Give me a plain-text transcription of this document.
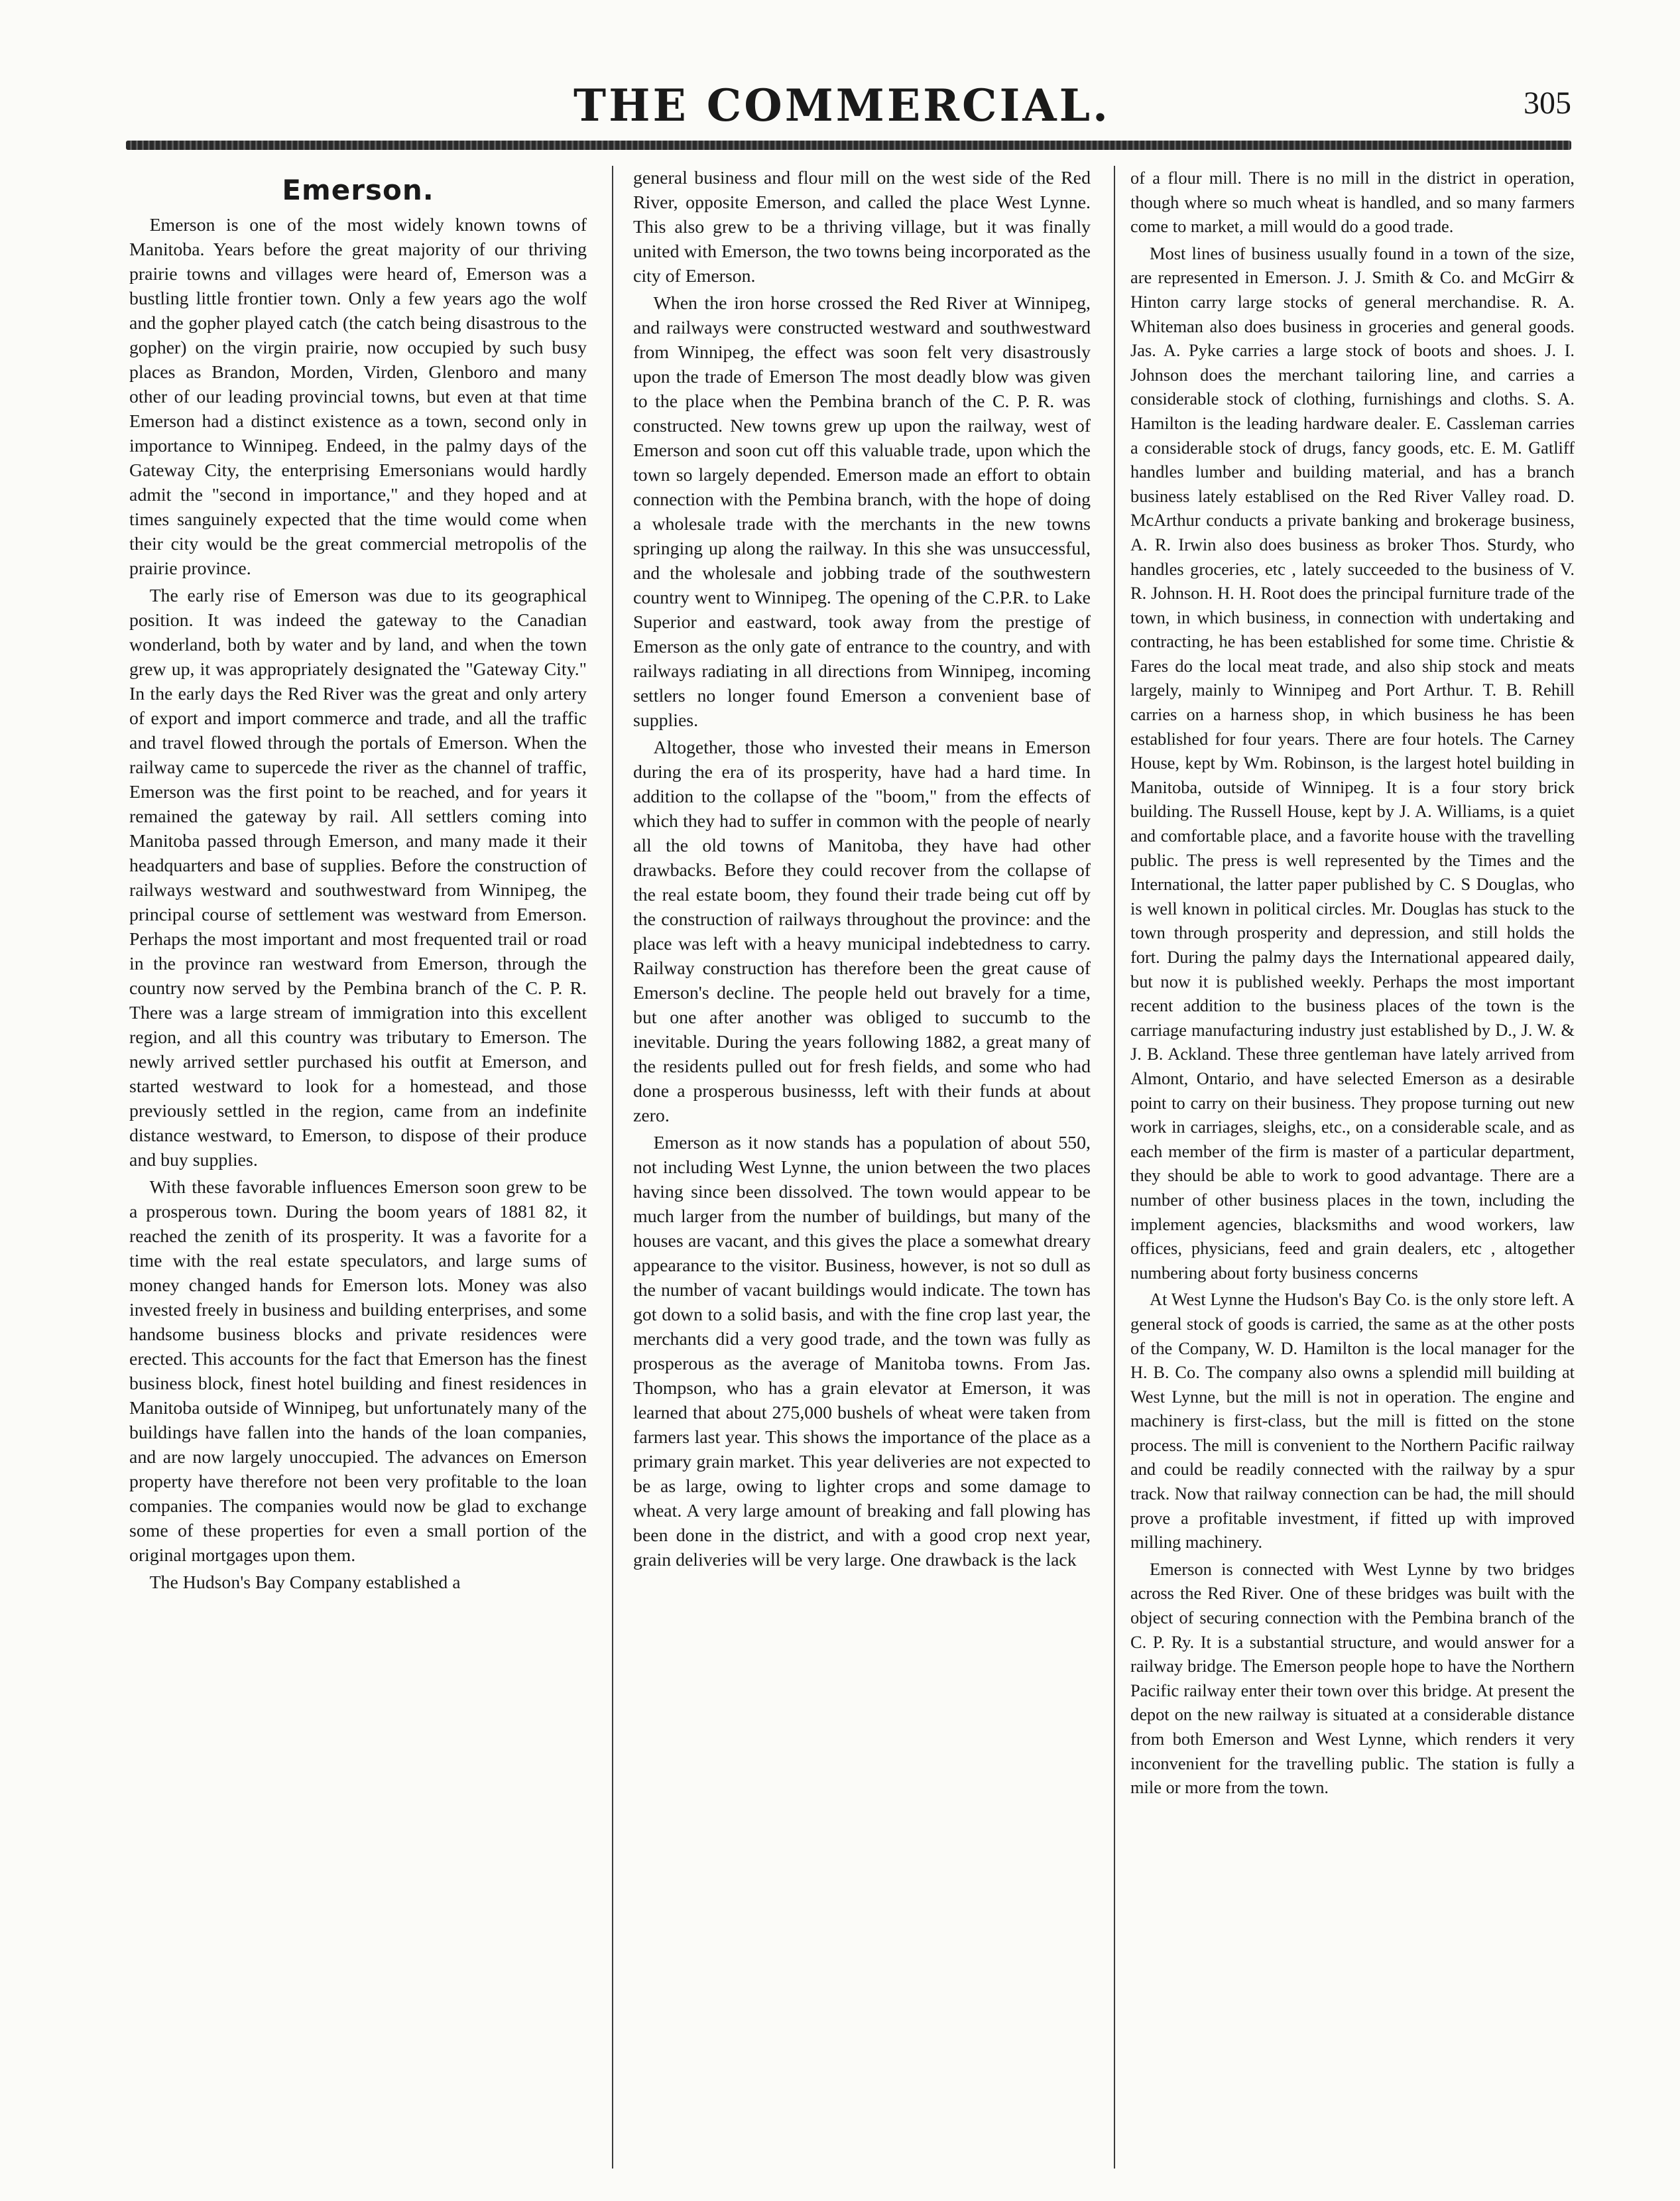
THE COMMERCIAL.	305
Emerson.

Emerson is one of the most widely known towns of Manitoba. Years before the great majority of our thriving prairie towns and villages were heard of, Emerson was a bustling little frontier town. Only a few years ago the wolf and the gopher played catch (the catch being disastrous to the gopher) on the virgin prairie, now occupied by such busy places as Brandon, Morden, Virden, Glenboro and many other of our leading provincial towns, but even at that time Emerson had a distinct existence as a town, second only in importance to Winnipeg. Endeed, in the palmy days of the Gateway City, the enterprising Emersonians would hardly admit the "second in importance," and they hoped and at times sanguinely expected that the time would come when their city would be the great commercial metropolis of the prairie province.

The early rise of Emerson was due to its geographical position. It was indeed the gateway to the Canadian wonderland, both by water and by land, and when the town grew up, it was appropriately designated the "Gateway City." In the early days the Red River was the great and only artery of export and import commerce and trade, and all the traffic and travel flowed through the portals of Emerson. When the railway came to supercede the river as the channel of traffic, Emerson was the first point to be reached, and for years it remained the gateway by rail. All settlers coming into Manitoba passed through Emerson, and many made it their headquarters and base of supplies. Before the construction of railways westward and southwestward from Winnipeg, the principal course of settlement was westward from Emerson. Perhaps the most important and most frequented trail or road in the province ran westward from Emerson, through the country now served by the Pembina branch of the C. P. R. There was a large stream of immigration into this excellent region, and all this country was tributary to Emerson. The newly arrived settler purchased his outfit at Emerson, and started westward to look for a homestead, and those previously settled in the region, came from an indefinite distance westward, to Emerson, to dispose of their produce and buy supplies.

With these favorable influences Emerson soon grew to be a prosperous town. During the boom years of 1881 82, it reached the zenith of its prosperity. It was a favorite for a time with the real estate speculators, and large sums of money changed hands for Emerson lots. Money was also invested freely in business and building enterprises, and some handsome business blocks and private residences were erected. This accounts for the fact that Emerson has the finest business block, finest hotel building and finest residences in Manitoba outside of Winnipeg, but unfortunately many of the buildings have fallen into the hands of the loan companies, and are now largely unoccupied. The advances on Emerson property have therefore not been very profitable to the loan companies. The companies would now be glad to exchange some of these properties for even a small portion of the original mortgages upon them.

The Hudson's Bay Company established a

general business and flour mill on the west side of the Red River, opposite Emerson, and called the place West Lynne. This also grew to be a thriving village, but it was finally united with Emerson, the two towns being incorporated as the city of Emerson.

When the iron horse crossed the Red River at Winnipeg, and railways were constructed westward and southwestward from Winnipeg, the effect was soon felt very disastrously upon the trade of Emerson The most deadly blow was given to the place when the Pembina branch of the C. P. R. was constructed. New towns grew up upon the railway, west of Emerson and soon cut off this valuable trade, upon which the town so largely depended. Emerson made an effort to obtain connection with the Pembina branch, with the hope of doing a wholesale trade with the merchants in the new towns springing up along the railway. In this she was unsuccessful, and the wholesale and jobbing trade of the southwestern country went to Winnipeg. The opening of the C.P.R. to Lake Superior and eastward, took away from the prestige of Emerson as the only gate of entrance to the country, and with railways radiating in all directions from Winnipeg, incoming settlers no longer found Emerson a convenient base of supplies.

Altogether, those who invested their means in Emerson during the era of its prosperity, have had a hard time. In addition to the collapse of the "boom," from the effects of which they had to suffer in common with the people of nearly all the old towns of Manitoba, they have had other drawbacks. Before they could recover from the collapse of the real estate boom, they found their trade being cut off by the construction of railways throughout the province: and the place was left with a heavy municipal indebtedness to carry. Railway construction has therefore been the great cause of Emerson's decline. The people held out bravely for a time, but one after another was obliged to succumb to the inevitable. During the years following 1882, a great many of the residents pulled out for fresh fields, and some who had done a prosperous businesss, left with their funds at about zero.

Emerson as it now stands has a population of about 550, not including West Lynne, the union between the two places having since been dissolved. The town would appear to be much larger from the number of buildings, but many of the houses are vacant, and this gives the place a somewhat dreary appearance to the visitor. Business, however, is not so dull as the number of vacant buildings would indicate. The town has got down to a solid basis, and with the fine crop last year, the merchants did a very good trade, and the town was fully as prosperous as the average of Manitoba towns. From Jas. Thompson, who has a grain elevator at Emerson, it was learned that about 275,000 bushels of wheat were taken from farmers last year. This shows the importance of the place as a primary grain market. This year deliveries are not expected to be as large, owing to lighter crops and some damage to wheat. A very large amount of breaking and fall plowing has been done in the district, and with a good crop next year, grain deliveries will be very large. One drawback is the lack

of a flour mill. There is no mill in the district in operation, though where so much wheat is handled, and so many farmers come to market, a mill would do a good trade.

Most lines of business usually found in a town of the size, are represented in Emerson. J. J. Smith & Co. and McGirr & Hinton carry large stocks of general merchandise. R. A. Whiteman also does business in groceries and general goods. Jas. A. Pyke carries a large stock of boots and shoes. J. I. Johnson does the merchant tailoring line, and carries a considerable stock of clothing, furnishings and cloths. S. A. Hamilton is the leading hardware dealer. E. Cassleman carries a considerable stock of drugs, fancy goods, etc. E. M. Gatliff handles lumber and building material, and has a branch business lately establised on the Red River Valley road. D. McArthur conducts a private banking and brokerage business, A. R. Irwin also does business as broker Thos. Sturdy, who handles groceries, etc , lately succeeded to the business of V. R. Johnson. H. H. Root does the principal furniture trade of the town, in which business, in connection with undertaking and contracting, he has been established for some time. Christie & Fares do the local meat trade, and also ship stock and meats largely, mainly to Winnipeg and Port Arthur. T. B. Rehill carries on a harness shop, in which business he has been established for four years. There are four hotels. The Carney House, kept by Wm. Robinson, is the largest hotel building in Manitoba, outside of Winnipeg. It is a four story brick building. The Russell House, kept by J. A. Williams, is a quiet and comfortable place, and a favorite house with the travelling public. The press is well represented by the Times and the International, the latter paper published by C. S Douglas, who is well known in political circles. Mr. Douglas has stuck to the town through prosperity and depression, and still holds the fort. During the palmy days the International appeared daily, but now it is published weekly. Perhaps the most important recent addition to the business places of the town is the carriage manufacturing industry just established by D., J. W. & J. B. Ackland. These three gentleman have lately arrived from Almont, Ontario, and have selected Emerson as a desirable point to carry on their business. They propose turning out new work in carriages, sleighs, etc., on a considerable scale, and as each member of the firm is master of a particular department, they should be able to work to good advantage. There are a number of other business places in the town, including the implement agencies, blacksmiths and wood workers, law offices, physicians, feed and grain dealers, etc , altogether numbering about forty business concerns

At West Lynne the Hudson's Bay Co. is the only store left. A general stock of goods is carried, the same as at the other posts of the Company, W. D. Hamilton is the local manager for the H. B. Co. The company also owns a splendid mill building at West Lynne, but the mill is not in operation. The engine and machinery is first-class, but the mill is fitted on the stone process. The mill is convenient to the Northern Pacific railway and could be readily connected with the railway by a spur track. Now that railway connection can be had, the mill should prove a profitable investment, if fitted up with improved milling machinery.

Emerson is connected with West Lynne by two bridges across the Red River. One of these bridges was built with the object of securing connection with the Pembina branch of the C. P. Ry. It is a substantial structure, and would answer for a railway bridge. The Emerson people hope to have the Northern Pacific railway enter their town over this bridge. At present the depot on the new railway is situated at a considerable distance from both Emerson and West Lynne, which renders it very inconvenient for the travelling public. The station is fully a mile or more from the town.
